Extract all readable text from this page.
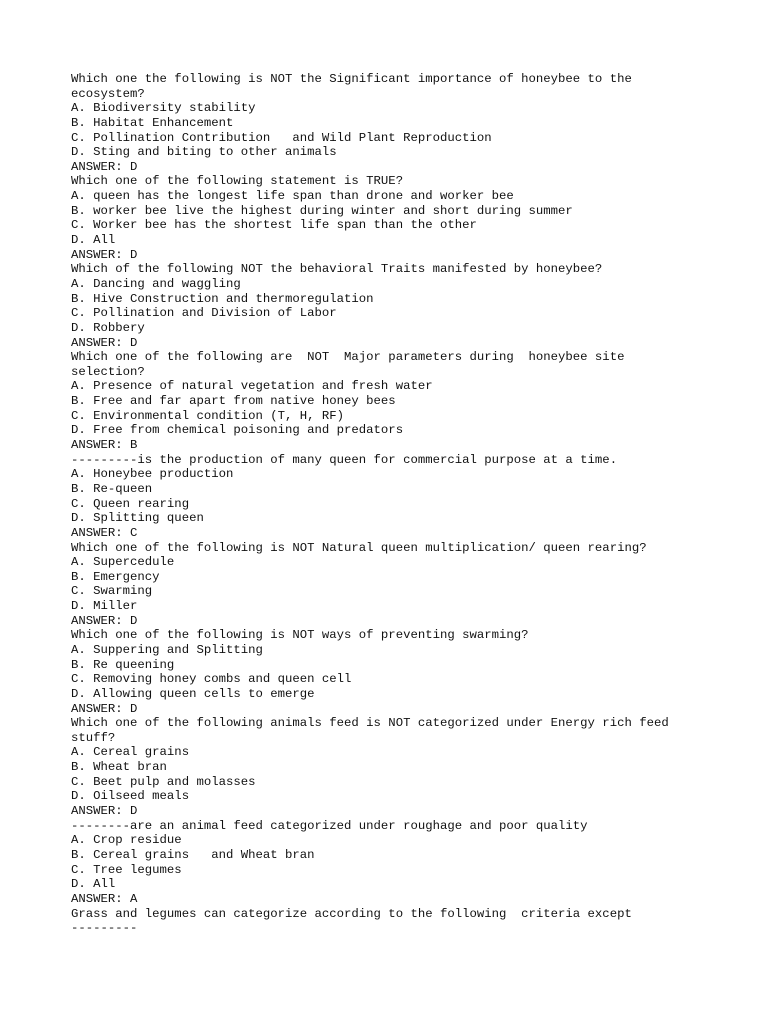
Which one the following is NOT the Significant importance of honeybee to the
ecosystem?
A. Biodiversity stability
B. Habitat Enhancement
C. Pollination Contribution   and Wild Plant Reproduction
D. Sting and biting to other animals
ANSWER: D
Which one of the following statement is TRUE?
A. queen has the longest life span than drone and worker bee
B. worker bee live the highest during winter and short during summer
C. Worker bee has the shortest life span than the other
D. All
ANSWER: D
Which of the following NOT the behavioral Traits manifested by honeybee?
A. Dancing and waggling
B. Hive Construction and thermoregulation
C. Pollination and Division of Labor
D. Robbery
ANSWER: D
Which one of the following are  NOT  Major parameters during  honeybee site
selection?
A. Presence of natural vegetation and fresh water
B. Free and far apart from native honey bees
C. Environmental condition (T, H, RF)
D. Free from chemical poisoning and predators
ANSWER: B
---------is the production of many queen for commercial purpose at a time.
A. Honeybee production
B. Re-queen
C. Queen rearing
D. Splitting queen
ANSWER: C
Which one of the following is NOT Natural queen multiplication/ queen rearing?
A. Supercedule
B. Emergency
C. Swarming
D. Miller
ANSWER: D
Which one of the following is NOT ways of preventing swarming?
A. Suppering and Splitting
B. Re queening
C. Removing honey combs and queen cell
D. Allowing queen cells to emerge
ANSWER: D
Which one of the following animals feed is NOT categorized under Energy rich feed
stuff?
A. Cereal grains
B. Wheat bran
C. Beet pulp and molasses
D. Oilseed meals
ANSWER: D
--------are an animal feed categorized under roughage and poor quality
A. Crop residue
B. Cereal grains   and Wheat bran
C. Tree legumes
D. All
ANSWER: A
Grass and legumes can categorize according to the following  criteria except
---------
